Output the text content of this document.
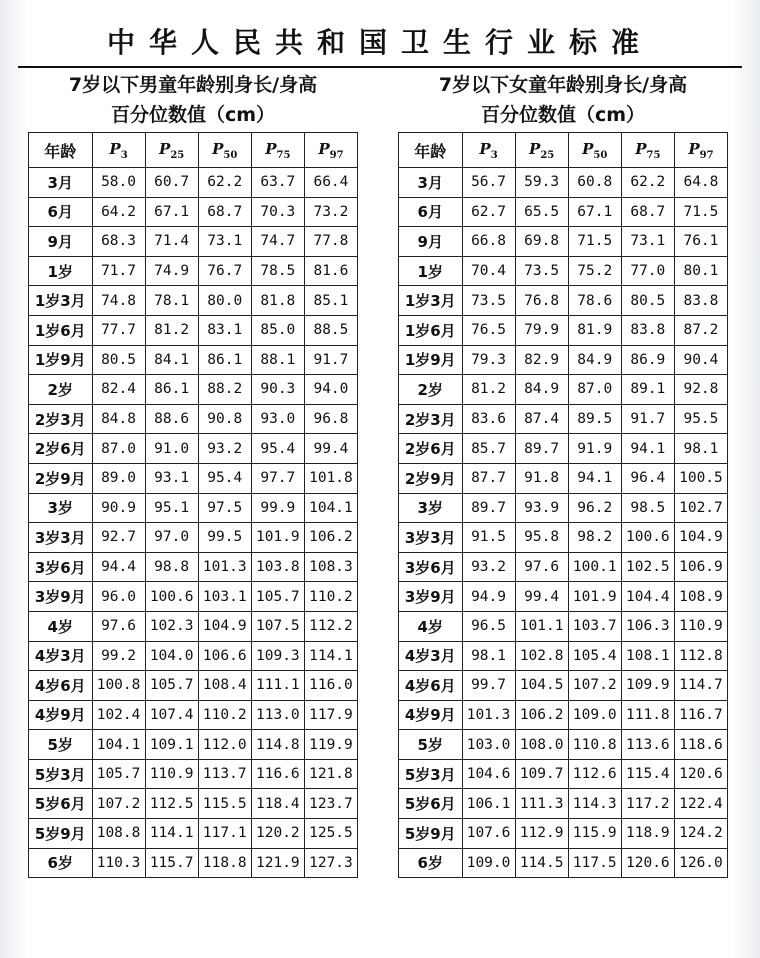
中华人民共和国卫生行业标准
7岁以下男童年龄别身长/身高
百分位数值（cm）
年龄	$P_3$	$P_{25}$	$P_{50}$	$P_{75}$	$P_{97}$
3月	58.0	60.7	62.2	63.7	66.4
6月	64.2	67.1	68.7	70.3	73.2
9月	68.3	71.4	73.1	74.7	77.8
1岁	71.7	74.9	76.7	78.5	81.6
1岁3月	74.8	78.1	80.0	81.8	85.1
1岁6月	77.7	81.2	83.1	85.0	88.5
1岁9月	80.5	84.1	86.1	88.1	91.7
2岁	82.4	86.1	88.2	90.3	94.0
2岁3月	84.8	88.6	90.8	93.0	96.8
2岁6月	87.0	91.0	93.2	95.4	99.4
2岁9月	89.0	93.1	95.4	97.7	101.8
3岁	90.9	95.1	97.5	99.9	104.1
3岁3月	92.7	97.0	99.5	101.9	106.2
3岁6月	94.4	98.8	101.3	103.8	108.3
3岁9月	96.0	100.6	103.1	105.7	110.2
4岁	97.6	102.3	104.9	107.5	112.2
4岁3月	99.2	104.0	106.6	109.3	114.1
4岁6月	100.8	105.7	108.4	111.1	116.0
4岁9月	102.4	107.4	110.2	113.0	117.9
5岁	104.1	109.1	112.0	114.8	119.9
5岁3月	105.7	110.9	113.7	116.6	121.8
5岁6月	107.2	112.5	115.5	118.4	123.7
5岁9月	108.8	114.1	117.1	120.2	125.5
6岁	110.3	115.7	118.8	121.9	127.3
7岁以下女童年龄别身长/身高
百分位数值（cm）
年龄	$P_3$	$P_{25}$	$P_{50}$	$P_{75}$	$P_{97}$
3月	56.7	59.3	60.8	62.2	64.8
6月	62.7	65.5	67.1	68.7	71.5
9月	66.8	69.8	71.5	73.1	76.1
1岁	70.4	73.5	75.2	77.0	80.1
1岁3月	73.5	76.8	78.6	80.5	83.8
1岁6月	76.5	79.9	81.9	83.8	87.2
1岁9月	79.3	82.9	84.9	86.9	90.4
2岁	81.2	84.9	87.0	89.1	92.8
2岁3月	83.6	87.4	89.5	91.7	95.5
2岁6月	85.7	89.7	91.9	94.1	98.1
2岁9月	87.7	91.8	94.1	96.4	100.5
3岁	89.7	93.9	96.2	98.5	102.7
3岁3月	91.5	95.8	98.2	100.6	104.9
3岁6月	93.2	97.6	100.1	102.5	106.9
3岁9月	94.9	99.4	101.9	104.4	108.9
4岁	96.5	101.1	103.7	106.3	110.9
4岁3月	98.1	102.8	105.4	108.1	112.8
4岁6月	99.7	104.5	107.2	109.9	114.7
4岁9月	101.3	106.2	109.0	111.8	116.7
5岁	103.0	108.0	110.8	113.6	118.6
5岁3月	104.6	109.7	112.6	115.4	120.6
5岁6月	106.1	111.3	114.3	117.2	122.4
5岁9月	107.6	112.9	115.9	118.9	124.2
6岁	109.0	114.5	117.5	120.6	126.0
